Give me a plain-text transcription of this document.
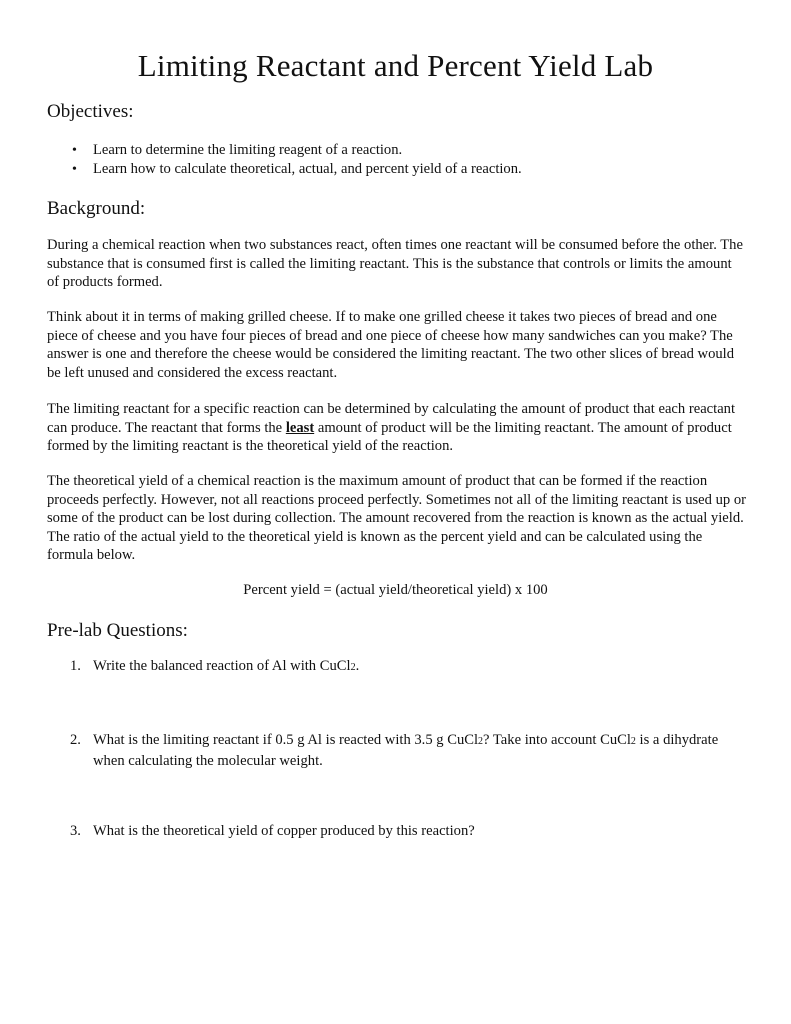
Limiting Reactant and Percent Yield Lab
Objectives:
• Learn to determine the limiting reagent of a reaction.
• Learn how to calculate theoretical, actual, and percent yield of a reaction.
Background:

During a chemical reaction when two substances react, often times one reactant will be consumed before the other. The substance that is consumed first is called the limiting reactant. This is the substance that controls or limits the amount of products formed.

Think about it in terms of making grilled cheese. If to make one grilled cheese it takes two pieces of bread and one piece of cheese and you have four pieces of bread and one piece of cheese how many sandwiches can you make? The answer is one and therefore the cheese would be considered the limiting reactant. The two other slices of bread would be left unused and considered the excess reactant.

The limiting reactant for a specific reaction can be determined by calculating the amount of product that each reactant can produce. The reactant that forms the least amount of product will be the limiting reactant. The amount of product formed by the limiting reactant is the theoretical yield of the reaction.

The theoretical yield of a chemical reaction is the maximum amount of product that can be formed if the reaction proceeds perfectly. However, not all reactions proceed perfectly. Sometimes not all of the limiting reactant is used up or some of the product can be lost during collection. The amount recovered from the reaction is known as the actual yield. The ratio of the actual yield to the theoretical yield is known as the percent yield and can be calculated using the formula below.

Percent yield = (actual yield/theoretical yield) x 100
Pre-lab Questions:
1. Write the balanced reaction of Al with CuCl2.
2. What is the limiting reactant if 0.5 g Al is reacted with 3.5 g CuCl2? Take into account CuCl2 is a dihydrate when calculating the molecular weight.
3. What is the theoretical yield of copper produced by this reaction?
